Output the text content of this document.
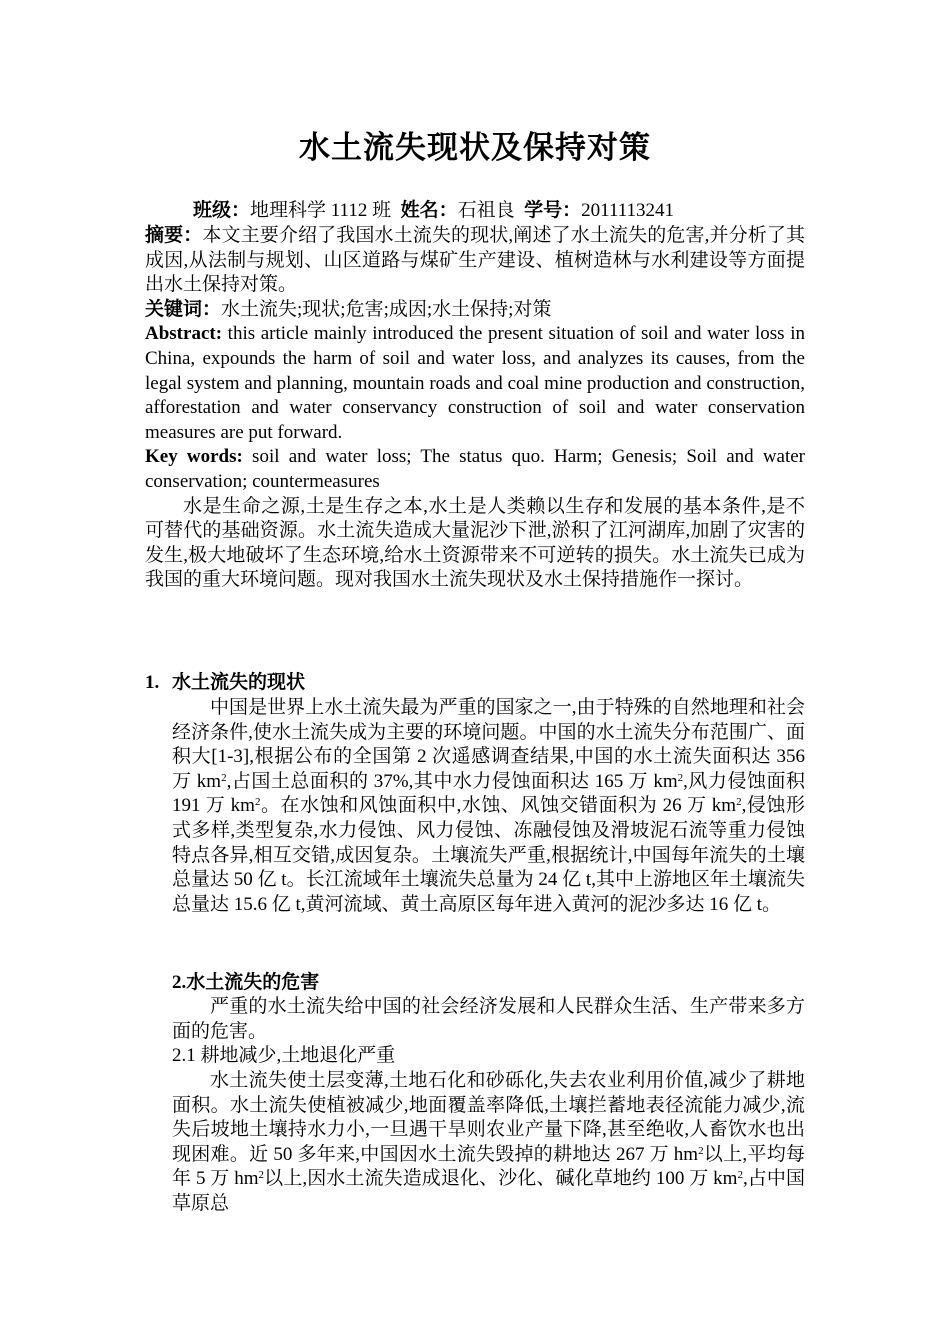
水土流失现状及保持对策
班级：地理科学 1112 班 姓名：石祖良 学号：2011113241

摘要：本文主要介绍了我国水土流失的现状,阐述了水土流失的危害,并分析了其成因,从法制与规划、山区道路与煤矿生产建设、植树造林与水利建设等方面提出水土保持对策。

关键词：水土流失;现状;危害;成因;水土保持;对策

Abstract: this article mainly introduced the present situation of soil and water loss in China, expounds the harm of soil and water loss, and analyzes its causes, from the legal system and planning, mountain roads and coal mine production and construction, afforestation and water conservancy construction of soil and water conservation measures are put forward.

Key words: soil and water loss; The status quo. Harm; Genesis; Soil and water conservation; countermeasures

水是生命之源,土是生存之本,水土是人类赖以生存和发展的基本条件,是不可替代的基础资源。水土流失造成大量泥沙下泄,淤积了江河湖库,加剧了灾害的发生,极大地破坏了生态环境,给水土资源带来不可逆转的损失。水土流失已成为我国的重大环境问题。现对我国水土流失现状及水土保持措施作一探讨。

1. 水土流失的现状

中国是世界上水土流失最为严重的国家之一,由于特殊的自然地理和社会经济条件,使水土流失成为主要的环境问题。中国的水土流失分布范围广、面积大[1-3],根据公布的全国第 2 次遥感调查结果,中国的水土流失面积达 356 万 $km^2$,占国土总面积的 37%,其中水力侵蚀面积达 165 万 $km^2$,风力侵蚀面积 191 万 $km^2$。在水蚀和风蚀面积中,水蚀、风蚀交错面积为 26 万 $km^2$,侵蚀形式多样,类型复杂,水力侵蚀、风力侵蚀、冻融侵蚀及滑坡泥石流等重力侵蚀特点各异,相互交错,成因复杂。土壤流失严重,根据统计,中国每年流失的土壤总量达 50 亿 t。长江流域年土壤流失总量为 24 亿 t,其中上游地区年土壤流失总量达 15.6 亿 t,黄河流域、黄土高原区每年进入黄河的泥沙多达 16 亿 t。

2.水土流失的危害

严重的水土流失给中国的社会经济发展和人民群众生活、生产带来多方面的危害。

2.1 耕地减少,土地退化严重

水土流失使土层变薄,土地石化和砂砾化,失去农业利用价值,减少了耕地面积。水土流失使植被减少,地面覆盖率降低,土壤拦蓄地表径流能力减少,流失后坡地土壤持水力小,一旦遇干旱则农业产量下降,甚至绝收,人畜饮水也出现困难。近 50 多年来,中国因水土流失毁掉的耕地达 267 万 $hm^2$以上,平均每年 5 万 $hm^2$以上,因水土流失造成退化、沙化、碱化草地约 100 万 $km^2$,占中国草原总
